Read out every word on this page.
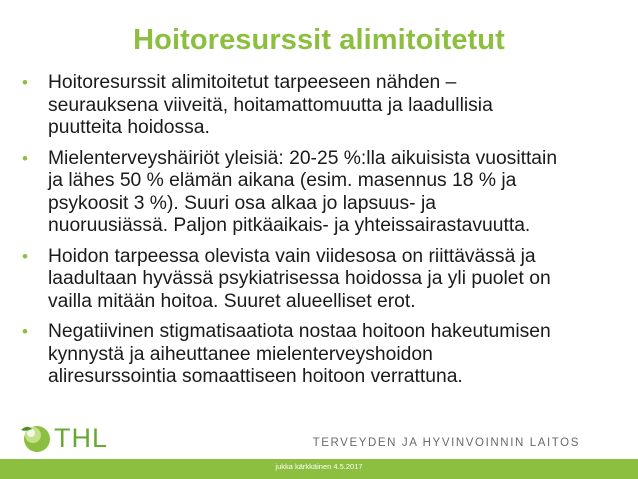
Hoitoresurssit alimitoitetut
• Hoitoresurssit alimitoitetut tarpeeseen nähden –
seurauksena viiveitä, hoitamattomuutta ja laadullisia
puutteita hoidossa.
• Mielenterveyshäiriöt yleisiä: 20-25 %:lla aikuisista vuosittain
ja lähes 50 % elämän aikana (esim. masennus 18 % ja
psykoosit 3 %). Suuri osa alkaa jo lapsuus- ja
nuoruusiässä. Paljon pitkäaikais- ja yhteissairastavuutta.
• Hoidon tarpeessa olevista vain viidesosa on riittävässä ja
laadultaan hyvässä psykiatrisessa hoidossa ja yli puolet on
vailla mitään hoitoa. Suuret alueelliset erot.
• Negatiivinen stigmatisaatiota nostaa hoitoon hakeutumisen
kynnystä ja aiheuttanee mielenterveyshoidon
aliresurssointia somaattiseen hoitoon verrattuna.
THL	TERVEYDEN JA HYVINVOINNIN LAITOS
jukka kärkkäinen 4.5.2017
